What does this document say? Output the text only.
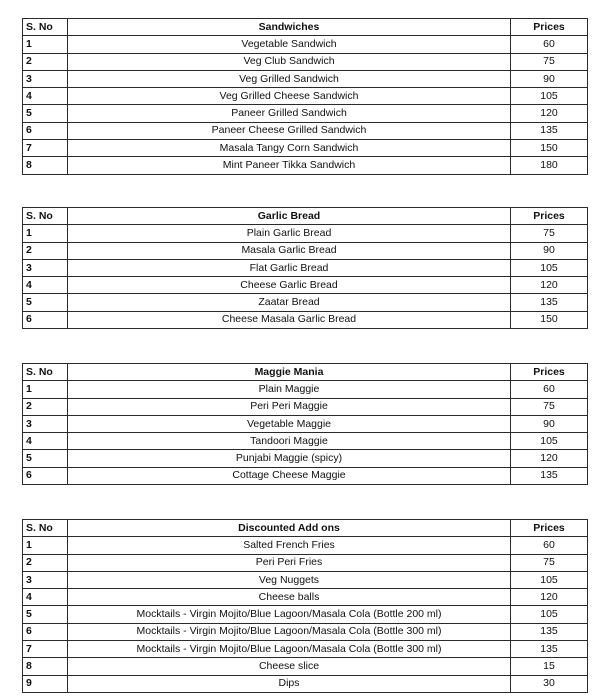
S. No	Sandwiches	Prices
1	Vegetable Sandwich	60
2	Veg Club Sandwich	75
3	Veg Grilled Sandwich	90
4	Veg Grilled Cheese Sandwich	105
5	Paneer Grilled Sandwich	120
6	Paneer Cheese Grilled Sandwich	135
7	Masala Tangy Corn Sandwich	150
8	Mint Paneer Tikka Sandwich	180
S. No	Garlic Bread	Prices
1	Plain Garlic Bread	75
2	Masala Garlic Bread	90
3	Flat Garlic Bread	105
4	Cheese Garlic Bread	120
5	Zaatar Bread	135
6	Cheese Masala Garlic Bread	150
S. No	Maggie Mania	Prices
1	Plain Maggie	60
2	Peri Peri Maggie	75
3	Vegetable Maggie	90
4	Tandoori Maggie	105
5	Punjabi Maggie (spicy)	120
6	Cottage Cheese Maggie	135
S. No	Discounted Add ons	Prices
1	Salted French Fries	60
2	Peri Peri Fries	75
3	Veg Nuggets	105
4	Cheese balls	120
5	Mocktails - Virgin Mojito/Blue Lagoon/Masala Cola (Bottle 200 ml)	105
6	Mocktails - Virgin Mojito/Blue Lagoon/Masala Cola (Bottle 300 ml)	135
7	Mocktails - Virgin Mojito/Blue Lagoon/Masala Cola (Bottle 300 ml)	135
8	Cheese slice	15
9	Dips	30
